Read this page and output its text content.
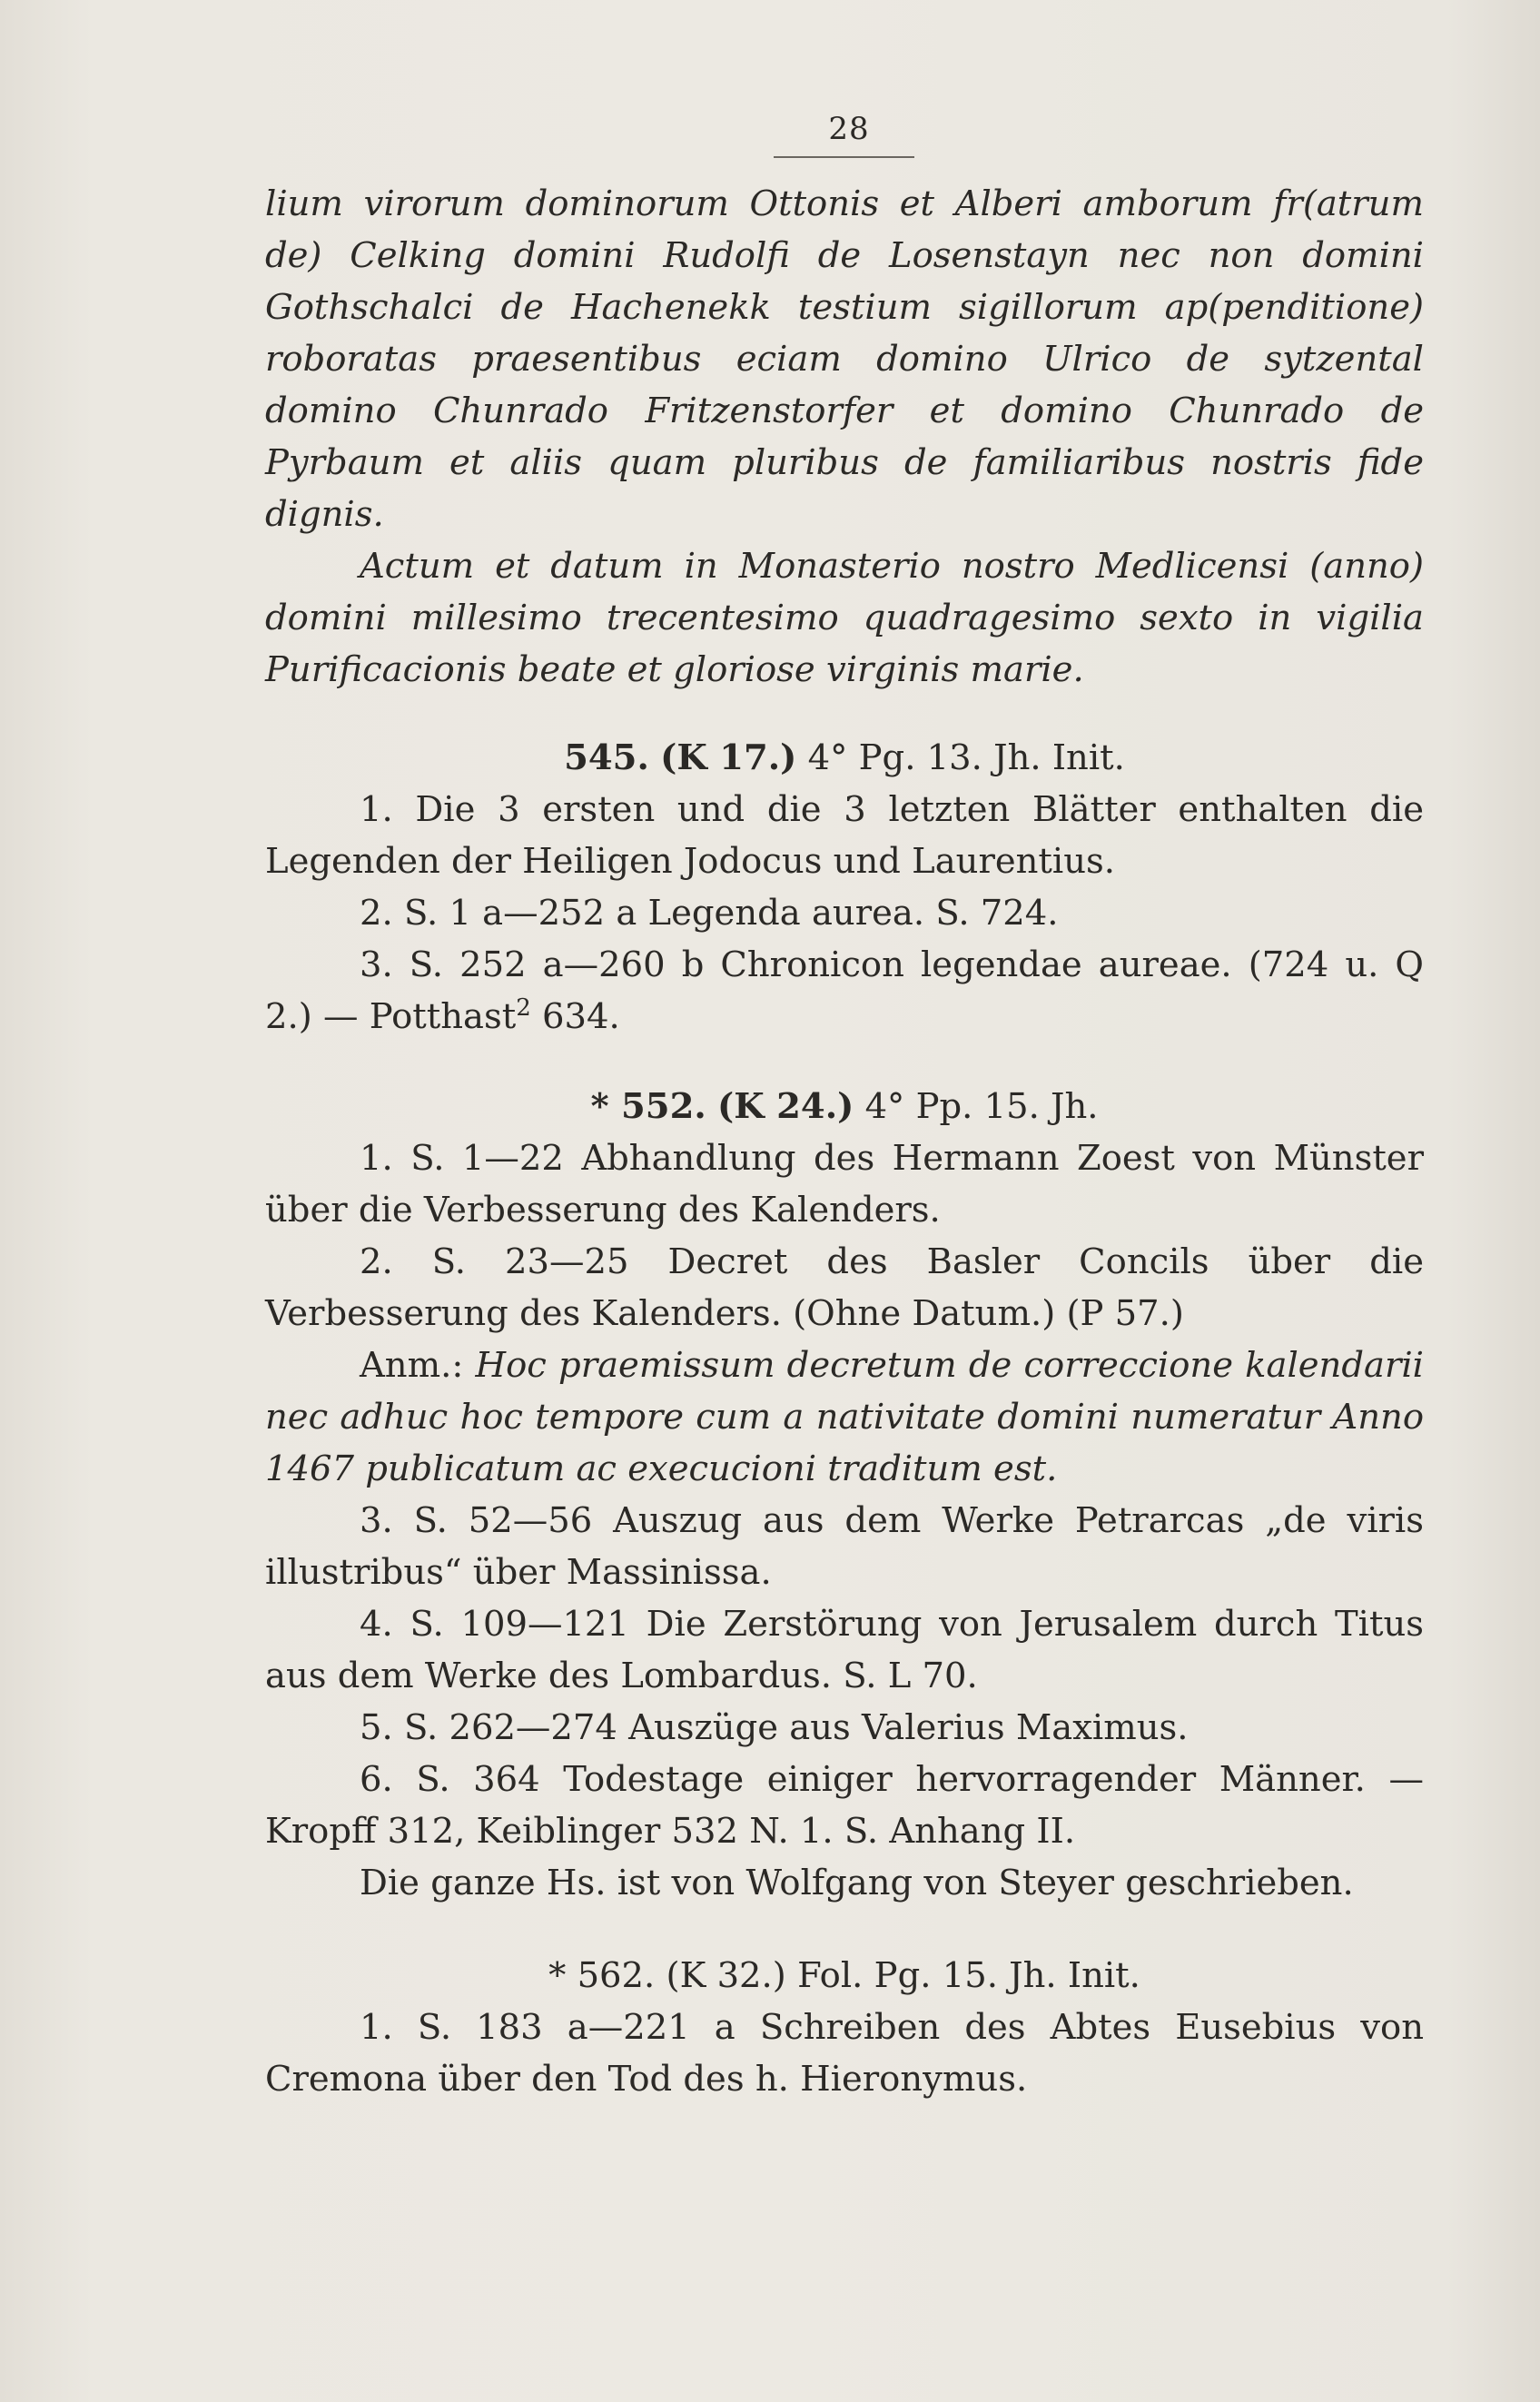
28

lium virorum dominorum Ottonis et Alberi amborum fr(atrum de) Celking domini Rudolfi de Losenstayn nec non domini Gothschalci de Hachenekk testium sigillorum ap(penditione) roboratas praesentibus eciam domino Ulrico de sytzental domino Chunrado Fritzenstorfer et domino Chunrado de Pyrbaum et aliis quam pluribus de familiaribus nostris fide dignis.

Actum et datum in Monasterio nostro Medlicensi (anno) domini millesimo trecentesimo quadragesimo sexto in vigilia Purificacionis beate et gloriose virginis marie.

545. (K 17.) 4° Pg. 13. Jh. Init.

1. Die 3 ersten und die 3 letzten Blätter enthalten die Legenden der Heiligen Jodocus und Laurentius.

2. S. 1 a—252 a Legenda aurea. S. 724.

3. S. 252 a—260 b Chronicon legendae aureae. (724 u. Q 2.) — Potthast$^2$ 634.

* 552. (K 24.) 4° Pp. 15. Jh.

1. S. 1—22 Abhandlung des Hermann Zoest von Münster über die Verbesserung des Kalenders.

2. S. 23—25 Decret des Basler Concils über die Verbesserung des Kalenders. (Ohne Datum.) (P 57.)

Anm.: Hoc praemissum decretum de correccione kalendarii nec adhuc hoc tempore cum a nativitate domini numeratur Anno 1467 publicatum ac execucioni traditum est.

3. S. 52—56 Auszug aus dem Werke Petrarcas „de viris illustribus“ über Massinissa.

4. S. 109—121 Die Zerstörung von Jerusalem durch Titus aus dem Werke des Lombardus. S. L 70.

5. S. 262—274 Auszüge aus Valerius Maximus.

6. S. 364 Todestage einiger hervorragender Männer. — Kropff 312, Keiblinger 532 N. 1. S. Anhang II.

Die ganze Hs. ist von Wolfgang von Steyer geschrieben.

* 562. (K 32.) Fol. Pg. 15. Jh. Init.

1. S. 183 a—221 a Schreiben des Abtes Eusebius von Cremona über den Tod des h. Hieronymus.
